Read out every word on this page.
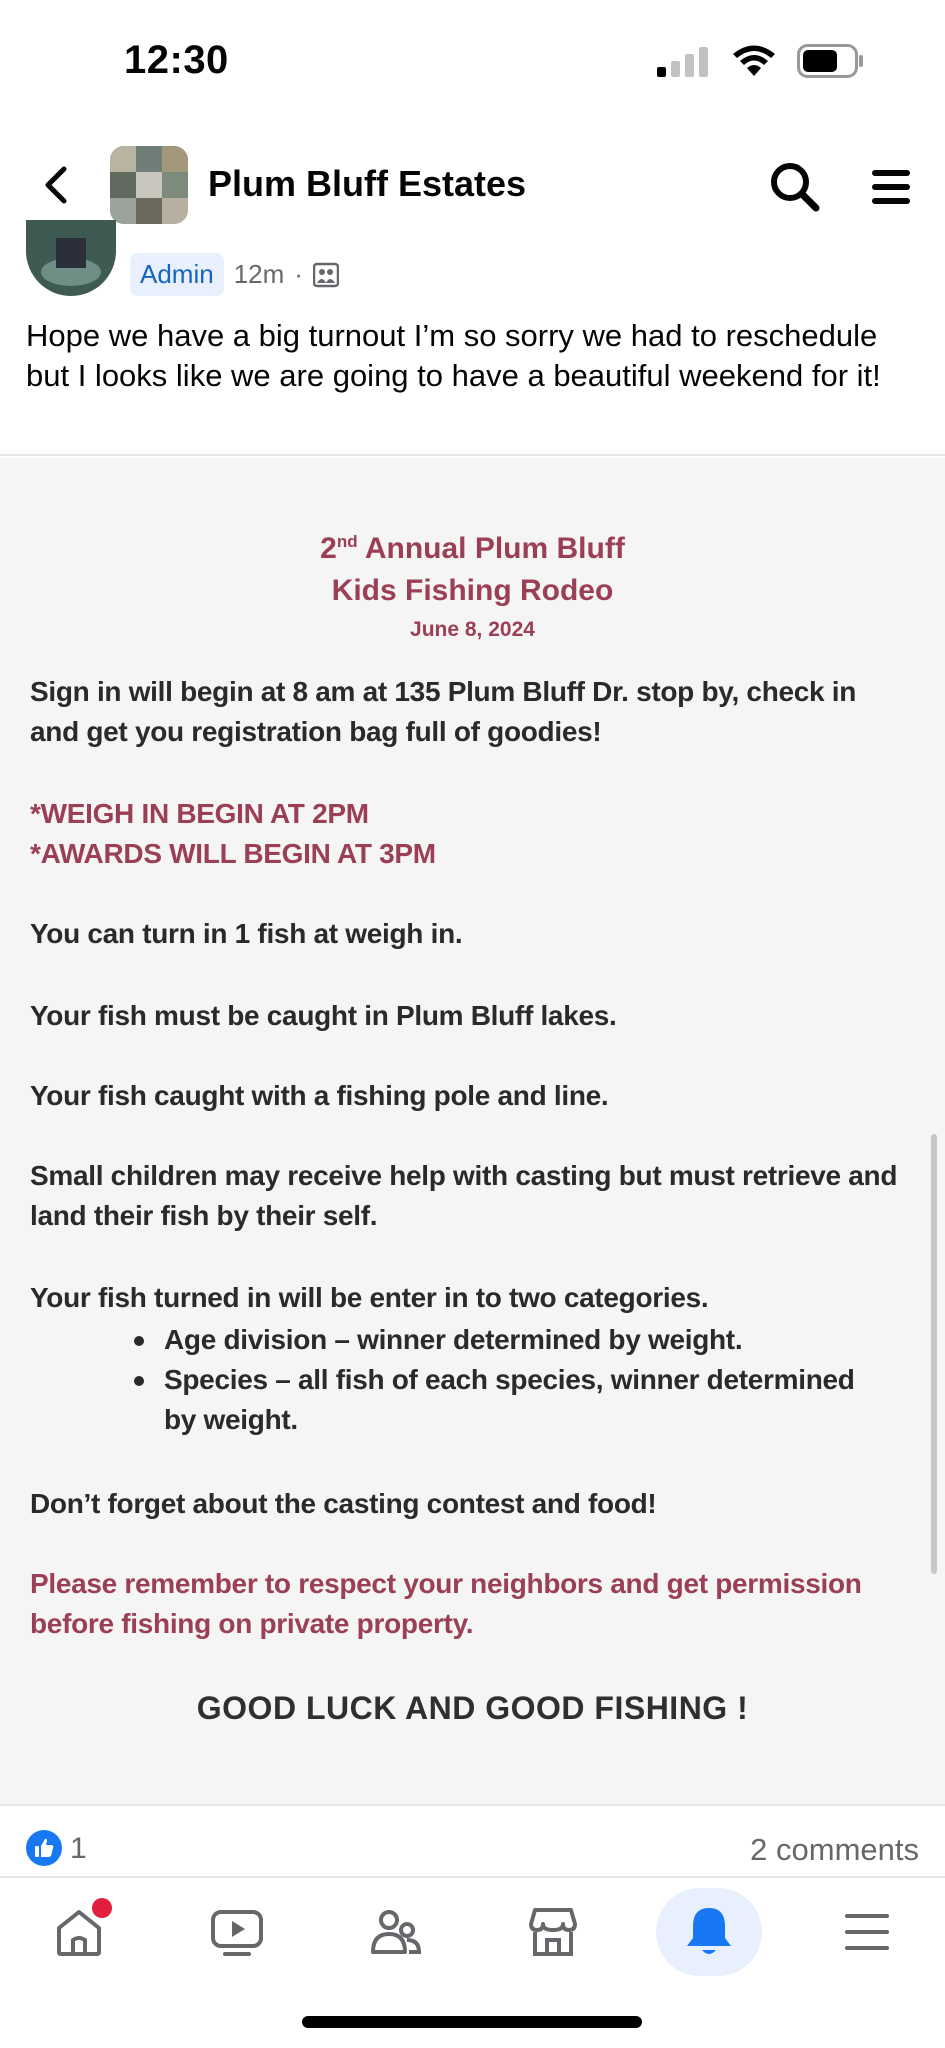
12:30
Plum Bluff Estates
Admin 12m ·
Hope we have a big turnout I’m so sorry we had to reschedule but I looks like we are going to have a beautiful weekend for it!
2nd Annual Plum Bluff
Kids Fishing Rodeo
June 8, 2024
Sign in will begin at 8 am at 135 Plum Bluff Dr. stop by, check in and get you registration bag full of goodies!
*WEIGH IN BEGIN AT 2PM
*AWARDS WILL BEGIN AT 3PM
You can turn in 1 fish at weigh in.
Your fish must be caught in Plum Bluff lakes.
Your fish caught with a fishing pole and line.
Small children may receive help with casting but must retrieve and land their fish by their self.
Your fish turned in will be enter in to two categories.
Age division – winner determined by weight.
Species – all fish of each species, winner determined by weight.
Don’t forget about the casting contest and food!
Please remember to respect your neighbors and get permission before fishing on private property.
GOOD LUCK AND GOOD FISHING !
1	2 comments
